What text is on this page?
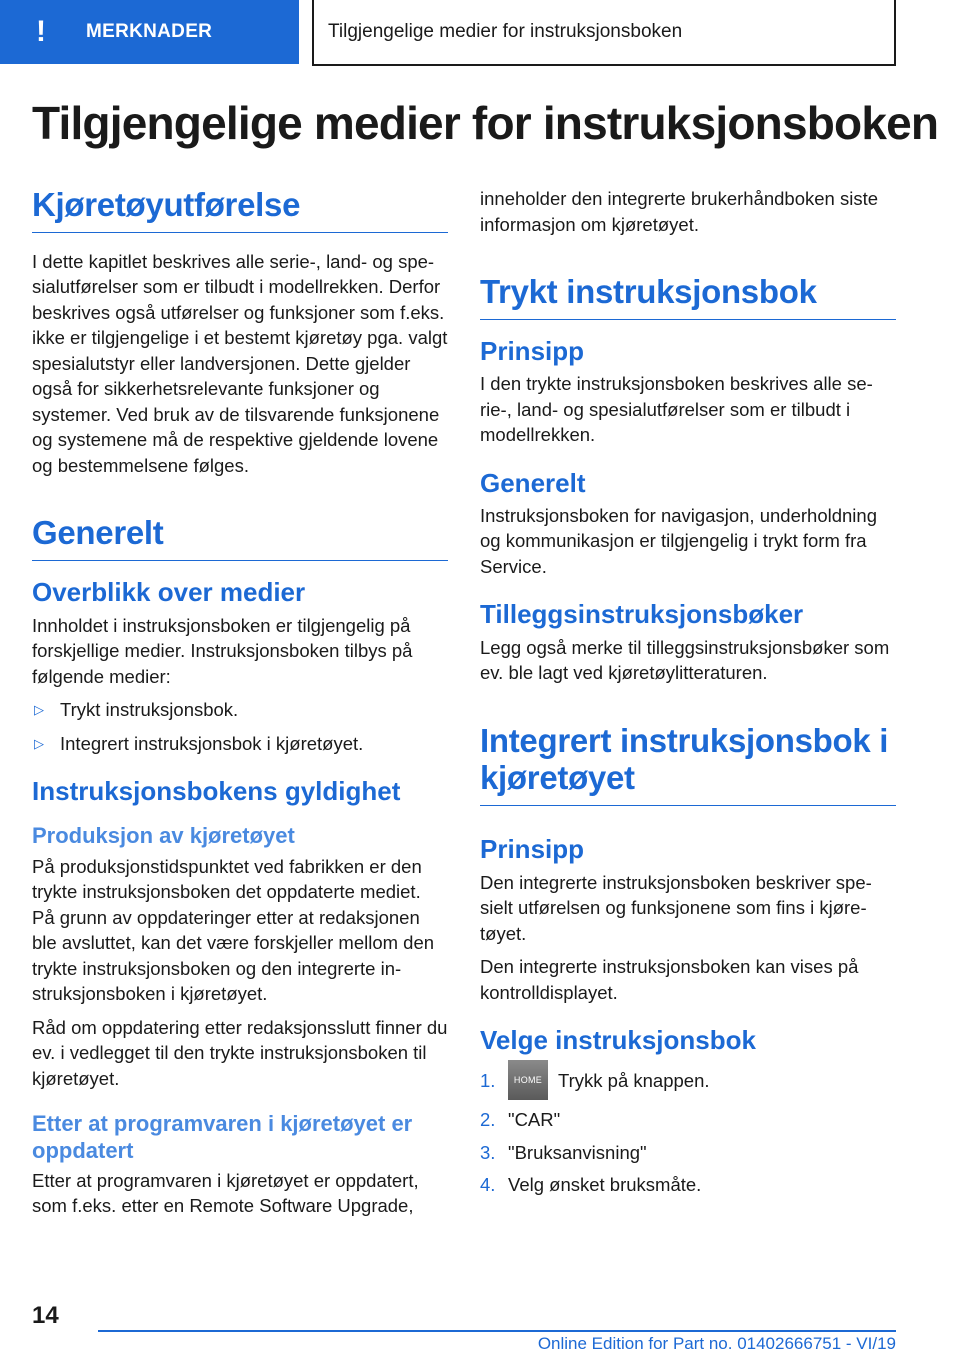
!	MERKNADER	Tilgjengelige medier for instruksjonsboken
Tilgjengelige medier for instruksjonsboken
Kjøretøyutførelse

I dette kapitlet beskrives alle serie-, land- og spesialutførelser som er tilbudt i modellrekken. Derfor beskrives også utførelser og funksjoner som f.eks. ikke er tilgjengelige i et bestemt kjøretøy pga. valgt spesialutstyr eller landversjonen. Dette gjelder også for sikkerhetsrelevante funksjoner og systemer. Ved bruk av de tilsvarende funksjonene og systemene må de respektive gjeldende lovene og bestemmelsene følges.

Generelt
Overblikk over medier

Innholdet i instruksjonsboken er tilgjengelig på forskjellige medier. Instruksjonsboken tilbys på følgende medier:

▷ Trykt instruksjonsbok.
▷ Integrert instruksjonsbok i kjøretøyet.
Instruksjonsbokens gyldighet
Produksjon av kjøretøyet

På produksjonstidspunktet ved fabrikken er den trykte instruksjonsboken det oppdaterte mediet. På grunn av oppdateringer etter at redaksjonen ble avsluttet, kan det være forskjeller mellom den trykte instruksjonsboken og den integrerte instruksjonsboken i kjøretøyet.

Råd om oppdatering etter redaksjonsslutt finner du ev. i vedlegget til den trykte instruksjonsboken til kjøretøyet.

Etter at programvaren i kjøretøyet er oppdatert

Etter at programvaren i kjøretøyet er oppdatert, som f.eks. etter en Remote Software Upgrade,

inneholder den integrerte brukerhåndboken siste informasjon om kjøretøyet.

Trykt instruksjonsbok
Prinsipp

I den trykte instruksjonsboken beskrives alle serie-, land- og spesialutførelser som er tilbudt i modellrekken.

Generelt

Instruksjonsboken for navigasjon, underholdning og kommunikasjon er tilgjengelig i trykt form fra Service.

Tilleggsinstruksjonsbøker

Legg også merke til tilleggsinstruksjonsbøker som ev. ble lagt ved kjøretøylitteraturen.

Integrert instruksjonsbok i kjøretøyet
Prinsipp

Den integrerte instruksjonsboken beskriver spesielt utførelsen og funksjonene som fins i kjøretøyet.

Den integrerte instruksjonsboken kan vises på kontrolldisplayet.

Velge instruksjonsbok
1.	HOME Trykk på knappen.
2. "CAR"
3. "Bruksanvisning"
4. Velg ønsket bruksmåte.
14
Online Edition for Part no. 01402666751 - VI/19
